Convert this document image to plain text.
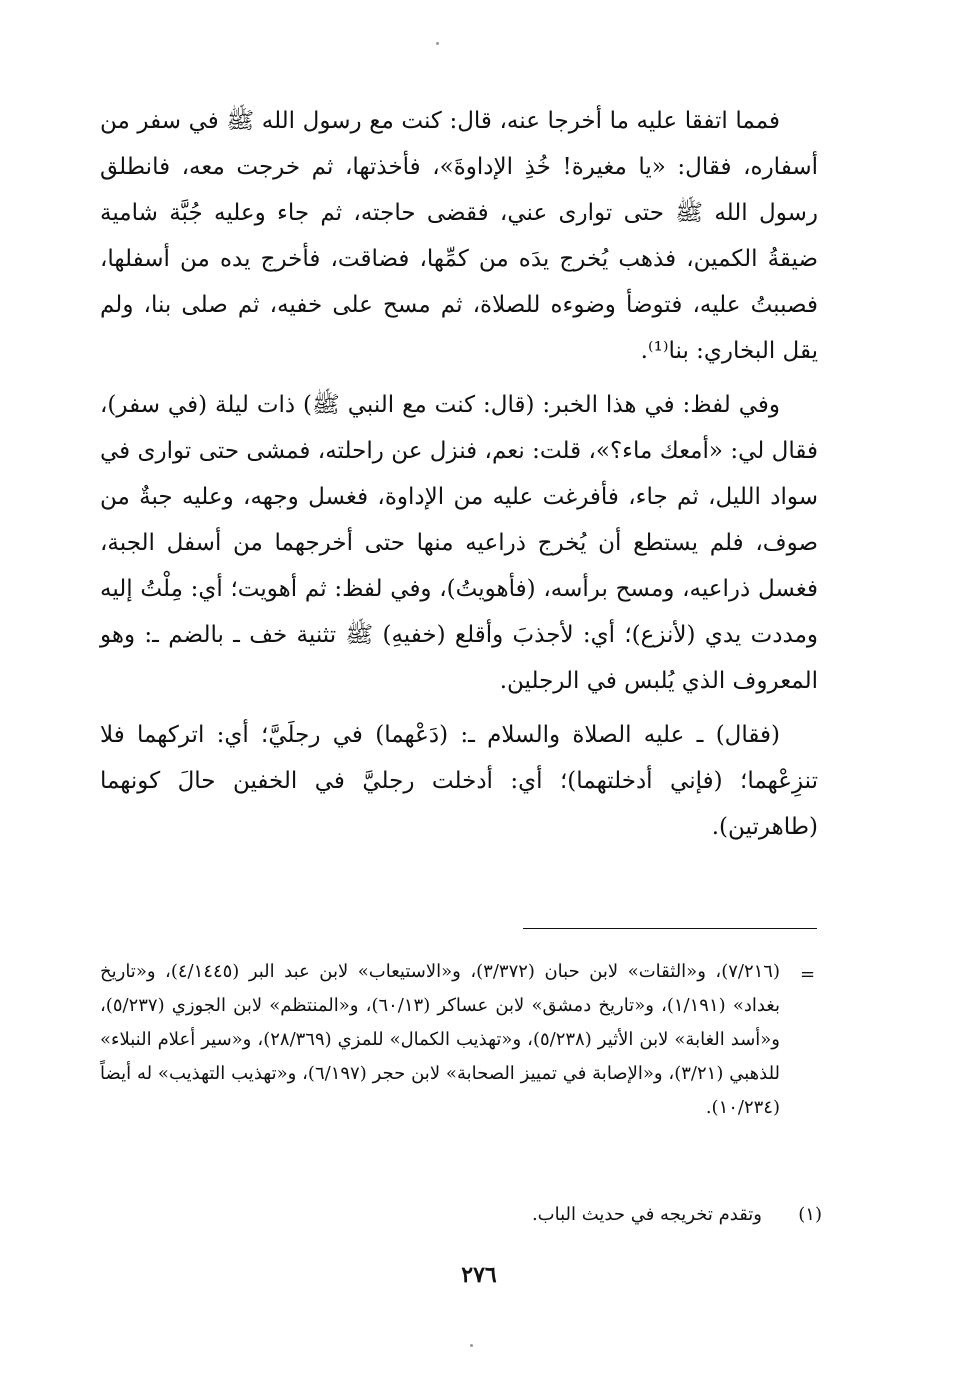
فمما اتفقا عليه ما أخرجا عنه، قال: كنت مع رسول الله ﷺ في سفر من أسفاره، فقال: «يا مغيرة! خُذِ الإداوةَ»، فأخذتها، ثم خرجت معه، فانطلق رسول الله ﷺ حتى توارى عني، فقضى حاجته، ثم جاء وعليه جُبَّة شامية ضيقةُ الكمين، فذهب يُخرج يدَه من كمِّها، فضاقت، فأخرج يده من أسفلها، فصببتُ عليه، فتوضأ وضوءه للصلاة، ثم مسح على خفيه، ثم صلى بنا، ولم يقل البخاري: بنا⁽¹⁾.

وفي لفظ: في هذا الخبر: (قال: كنت مع النبي ﷺ) ذات ليلة (في سفر)، فقال لي: «أمعك ماء؟»، قلت: نعم، فنزل عن راحلته، فمشى حتى توارى في سواد الليل، ثم جاء، فأفرغت عليه من الإداوة، فغسل وجهه، وعليه جبةٌ من صوف، فلم يستطع أن يُخرج ذراعيه منها حتى أخرجهما من أسفل الجبة، فغسل ذراعيه، ومسح برأسه، (فأهويتُ)، وفي لفظ: ثم أهويت؛ أي: مِلْتُ إليه ومددت يدي (لأنزع)؛ أي: لأجذبَ وأقلع (خفيهِ) ﷺ تثنية خف ـ بالضم ـ: وهو المعروف الذي يُلبس في الرجلين.

(فقال) ـ عليه الصلاة والسلام ـ: (دَعْهما) في رجلَيَّ؛ أي: اتركهما فلا تنزِعْهما؛ (فإني أدخلتهما)؛ أي: أدخلت رجليَّ في الخفين حالَ كونهما (طاهرتين).

=
(٧/٢١٦)، و«الثقات» لابن حبان (٣/٣٧٢)، و«الاستيعاب» لابن عبد البر (٤/١٤٤٥)، و«تاريخ بغداد» (١/١٩١)، و«تاريخ دمشق» لابن عساكر (٦٠/١٣)، و«المنتظم» لابن الجوزي (٥/٢٣٧)، و«أسد الغابة» لابن الأثير (٥/٢٣٨)، و«تهذيب الكمال» للمزي (٢٨/٣٦٩)، و«سير أعلام النبلاء» للذهبي (٣/٢١)، و«الإصابة في تمييز الصحابة» لابن حجر (٦/١٩٧)، و«تهذيب التهذيب» له أيضاً (١٠/٢٣٤).
(١)
وتقدم تخريجه في حديث الباب.
٢٧٦
